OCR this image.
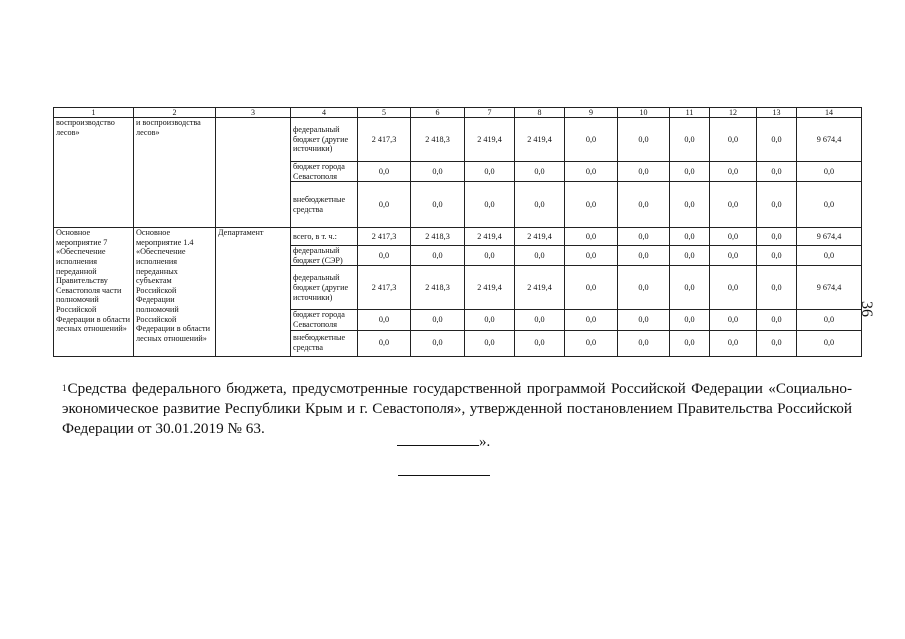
1	2	3	4	5	6	7	8	9	10	11	12	13	14
воспроизводство лесов»	и воспроизводства лесов»		федеральный бюджет (другие источники)	2 417,3	2 418,3	2 419,4	2 419,4	0,0	0,0	0,0	0,0	0,0	9 674,4
			бюджет города Севастополя	0,0	0,0	0,0	0,0	0,0	0,0	0,0	0,0	0,0	0,0
			внебюджетные средства	0,0	0,0	0,0	0,0	0,0	0,0	0,0	0,0	0,0	0,0
Основное мероприятие 7 «Обеспечение исполнения переданной Правительству Севастополя части полномочий Российской Федерации в области лесных отношений»	Основное мероприятие 1.4 «Обеспечение исполнения переданных субъектам Российской Федерации полномочий Российской Федерации в области лесных отношений»	Департамент	всего, в т. ч.:	2 417,3	2 418,3	2 419,4	2 419,4	0,0	0,0	0,0	0,0	0,0	9 674,4
			федеральный бюджет (СЭР)	0,0	0,0	0,0	0,0	0,0	0,0	0,0	0,0	0,0	0,0
			федеральный бюджет (другие источники)	2 417,3	2 418,3	2 419,4	2 419,4	0,0	0,0	0,0	0,0	0,0	9 674,4
			бюджет города Севастополя	0,0	0,0	0,0	0,0	0,0	0,0	0,0	0,0	0,0	0,0
			внебюджетные средства	0,0	0,0	0,0	0,0	0,0	0,0	0,0	0,0	0,0	0,0
$^1$Средства федерального бюджета, предусмотренные государственной программой Российской Федерации «Социально-экономическое развитие Республики Крым и г. Севастополя», утвержденной постановлением Правительства Российской Федерации от 30.01.2019 № 63.
».
36
